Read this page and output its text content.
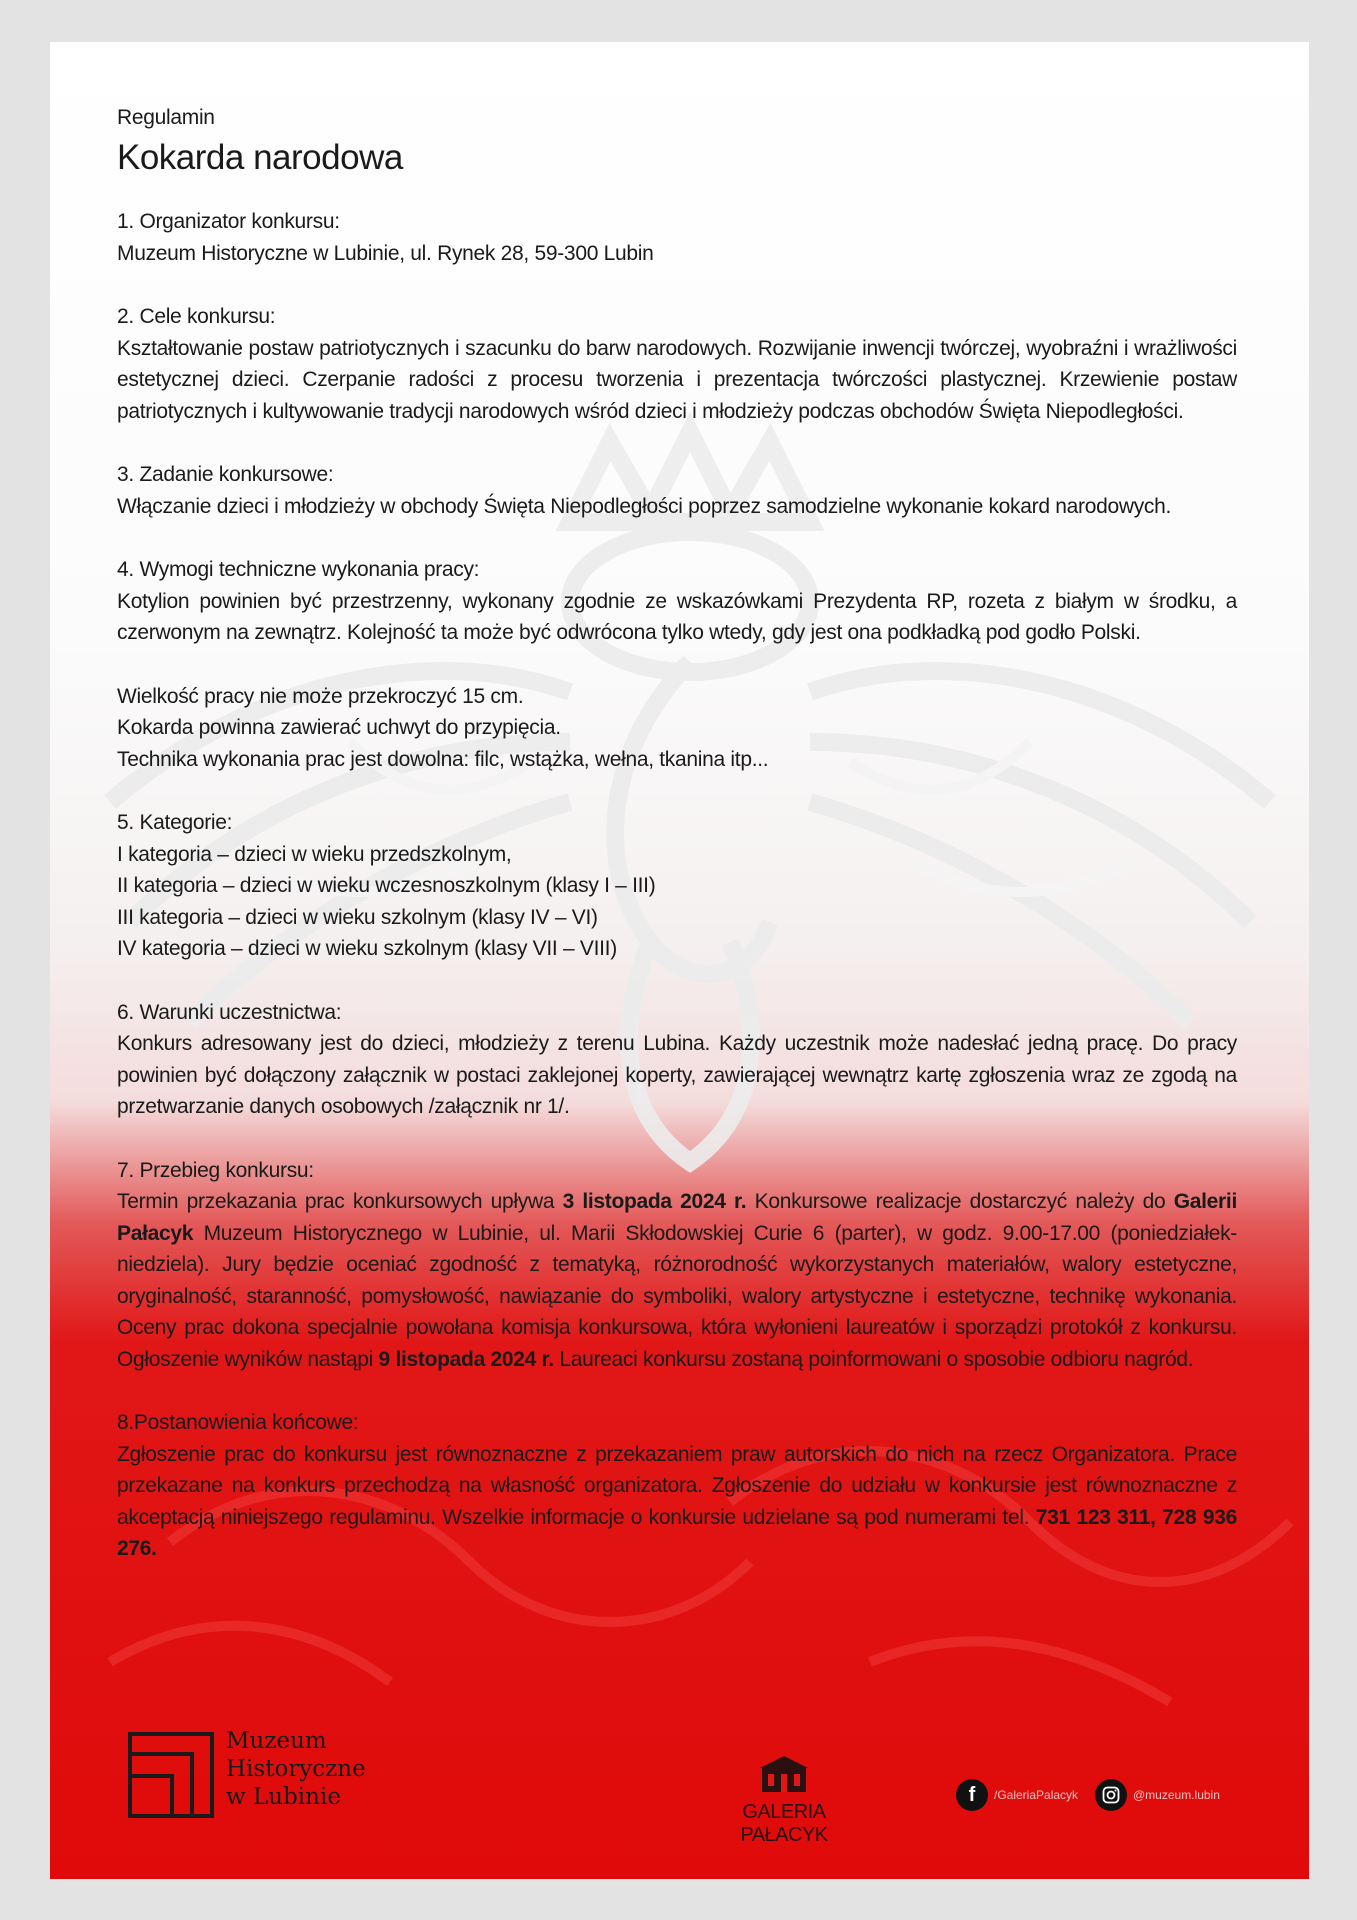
Regulamin

Kokarda narodowa

1. Organizator konkursu:

Muzeum Historyczne w Lubinie, ul. Rynek 28, 59-300 Lubin

2. Cele konkursu:

Kształtowanie postaw patriotycznych i szacunku do barw narodowych. Rozwijanie inwencji twórczej, wyobraźni i wrażliwości estetycznej dzieci. Czerpanie radości z procesu tworzenia i prezentacja twórczości plastycznej. Krzewienie postaw patriotycznych i kultywowanie tradycji narodowych wśród dzieci i młodzieży podczas obchodów Święta Niepodległości.

3. Zadanie konkursowe:

Włączanie dzieci i młodzieży w obchody Święta Niepodległości poprzez samodzielne wykonanie kokard narodowych.

4. Wymogi techniczne wykonania pracy:

Kotylion powinien być przestrzenny, wykonany zgodnie ze wskazówkami Prezydenta RP, rozeta z białym w środku, a czerwonym na zewnątrz. Kolejność ta może być odwrócona tylko wtedy, gdy jest ona podkładką pod godło Polski.

Wielkość pracy nie może przekroczyć 15 cm.

Kokarda powinna zawierać uchwyt do przypięcia.

Technika wykonania prac jest dowolna: filc, wstążka, wełna, tkanina itp...

5. Kategorie:

I kategoria – dzieci w wieku przedszkolnym,

II kategoria – dzieci w wieku wczesnoszkolnym (klasy I – III)

III kategoria – dzieci w wieku szkolnym (klasy IV – VI)

IV kategoria – dzieci w wieku szkolnym (klasy VII – VIII)

6. Warunki uczestnictwa:

Konkurs adresowany jest do dzieci, młodzieży z terenu Lubina. Każdy uczestnik może nadesłać jedną pracę. Do pracy powinien być dołączony załącznik w postaci zaklejonej koperty, zawierającej wewnątrz kartę zgłoszenia wraz ze zgodą na przetwarzanie danych osobowych /załącznik nr 1/.

7. Przebieg konkursu:

Termin przekazania prac konkursowych upływa 3 listopada 2024 r. Konkursowe realizacje dostarczyć należy do Galerii Pałacyk Muzeum Historycznego w Lubinie, ul. Marii Skłodowskiej Curie 6 (parter), w godz. 9.00-17.00 (poniedziałek-niedziela). Jury będzie oceniać zgodność z tematyką, różnorodność wykorzystanych materiałów, walory estetyczne, oryginalność, staranność, pomysłowość, nawiązanie do symboliki, walory artystyczne i estetyczne, technikę wykonania. Oceny prac dokona specjalnie powołana komisja konkursowa, która wyłonieni laureatów i sporządzi protokół z konkursu. Ogłoszenie wyników nastąpi 9 listopada 2024 r. Laureaci konkursu zostaną poinformowani o sposobie odbioru nagród.

8.Postanowienia końcowe:

Zgłoszenie prac do konkursu jest równoznaczne z przekazaniem praw autorskich do nich na rzecz Organizatora. Prace przekazane na konkurs przechodzą na własność organizatora. Zgłoszenie do udziału w konkursie jest równoznaczne z akceptacją niniejszego regulaminu. Wszelkie informacje o konkursie udzielane są pod numerami tel. 731 123 311, 728 936 276.

Muzeum
Historyczne
w Lubinie
GALERIA PAŁACYK
f /GaleriaPalacyk	@muzeum.lubin
